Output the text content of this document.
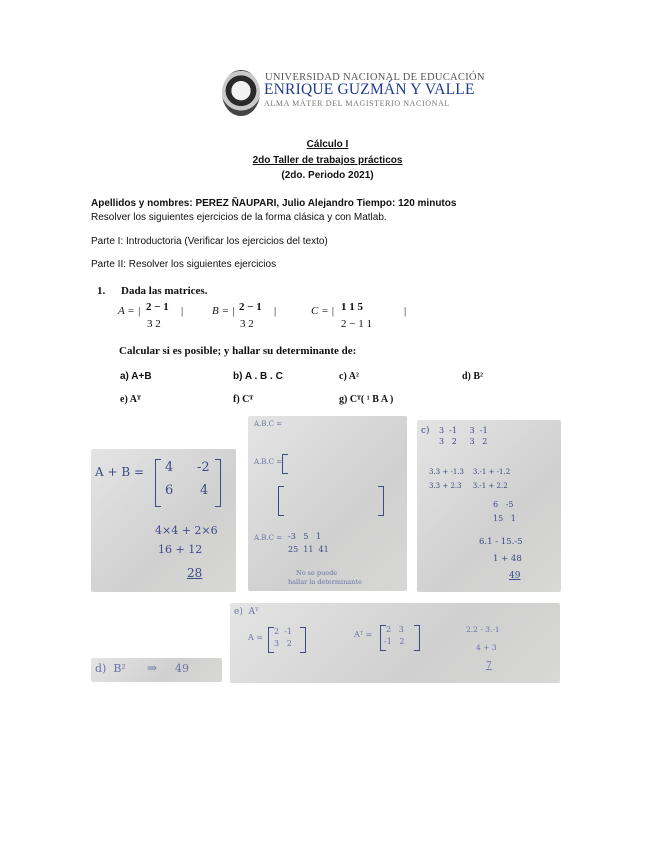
UNIVERSIDAD NACIONAL DE EDUCACIÓN
ENRIQUE GUZMÁN Y VALLE
ALMA MÁTER DEL MAGISTERIO NACIONAL
Cálculo I
2do Taller de trabajos prácticos
(2do. Periodo 2021)
Apellidos y nombres: PEREZ ÑAUPARI, Julio Alejandro Tiempo: 120 minutos
Resolver los siguientes ejercicios de la forma clásica y con Matlab.
Parte I: Introductoria (Verificar los ejercicios del texto)
Parte II: Resolver los siguientes ejercicios
1. Dada las matrices.
A = | 2 − 1
3 2
|	B = | 2 − 1
3 2
|	C = | 1 1 5
2 − 1 1
|
Calcular si es posible; y hallar su determinante de:
a) A+B	b) A . B . C	c) A²	d) B²
e) Aᵀ	f) Cᵀ	g) Cᵀ( ¹ B A )
A + B = 4 -2
6 4
4×4 + 2×6
16 + 12
28
A.B.C =
A.B.C =
A.B.C = -3   5   1
25  11  41
No se puede
hallar la determinante
c) 3  -1     3  -1
3   2     3   2
3.3 + -1.3    3.-1 + -1.2
3.3 + 2.3     3.-1 + 2.2
6   -5
15   1
6.1 - 15.-5
1 + 48
49
d)  B² ⇒ 49
e)  Aᵀ
A =
2  -1
3   2
Aᵀ =
2   3
-1   2
2.2 - 3.-1
4 + 3
7
